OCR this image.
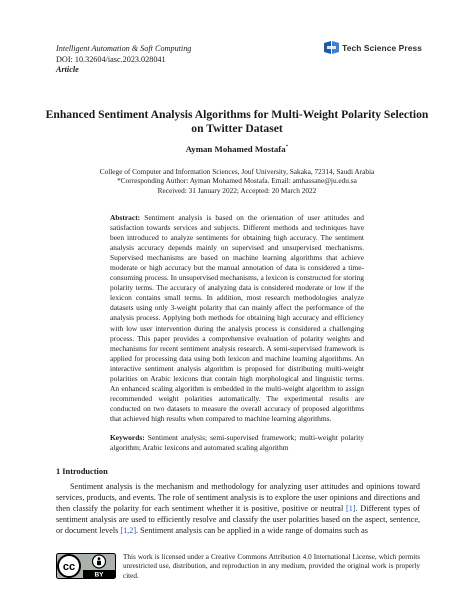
Intelligent Automation & Soft Computing
DOI: 10.32604/iasc.2023.028041
Article
Tech Science Press
Enhanced Sentiment Analysis Algorithms for Multi-Weight Polarity Selection on Twitter Dataset
Ayman Mohamed Mostafa*
College of Computer and Information Sciences, Jouf University, Sakaka, 72314, Saudi Arabia
*Corresponding Author: Ayman Mohamed Mostafa. Email: amhassane@ju.edu.sa
Received: 31 January 2022; Accepted: 20 March 2022

Abstract: Sentiment analysis is based on the orientation of user attitudes and satisfaction towards services and subjects. Different methods and techniques have been introduced to analyze sentiments for obtaining high accuracy. The sentiment analysis accuracy depends mainly on supervised and unsupervised mechanisms. Supervised mechanisms are based on machine learning algorithms that achieve moderate or high accuracy but the manual annotation of data is considered a time-consuming process. In unsupervised mechanisms, a lexicon is constructed for storing polarity terms. The accuracy of analyzing data is considered moderate or low if the lexicon contains small terms. In addition, most research methodologies analyze datasets using only 3-weight polarity that can mainly affect the performance of the analysis process. Applying both methods for obtaining high accuracy and efficiency with low user intervention during the analysis process is considered a challenging process. This paper provides a comprehensive evaluation of polarity weights and mechanisms for recent sentiment analysis research. A semi-supervised framework is applied for processing data using both lexicon and machine learning algorithms. An interactive sentiment analysis algorithm is proposed for distributing multi-weight polarities on Arabic lexicons that contain high morphological and linguistic terms. An enhanced scaling algorithm is embedded in the multi-weight algorithm to assign recommended weight polarities automatically. The experimental results are conducted on two datasets to measure the overall accuracy of proposed algorithms that achieved high results when compared to machine learning algorithms.

Keywords: Sentiment analysis; semi-supervised framework; multi-weight polarity algorithm; Arabic lexicons and automated scaling algorithm

1 Introduction
Sentiment analysis is the mechanism and methodology for analyzing user attitudes and opinions toward services, products, and events. The role of sentiment analysis is to explore the user opinions and directions and then classify the polarity for each sentiment whether it is positive, positive or neutral [1]. Different types of sentiment analysis are used to efficiently resolve and classify the user polarities based on the aspect, sentence, or document levels [1,2]. Sentiment analysis can be applied in a wide range of domains such as
cc
BY
This work is licensed under a Creative Commons Attribution 4.0 International License, which permits unrestricted use, distribution, and reproduction in any medium, provided the original work is properly cited.
